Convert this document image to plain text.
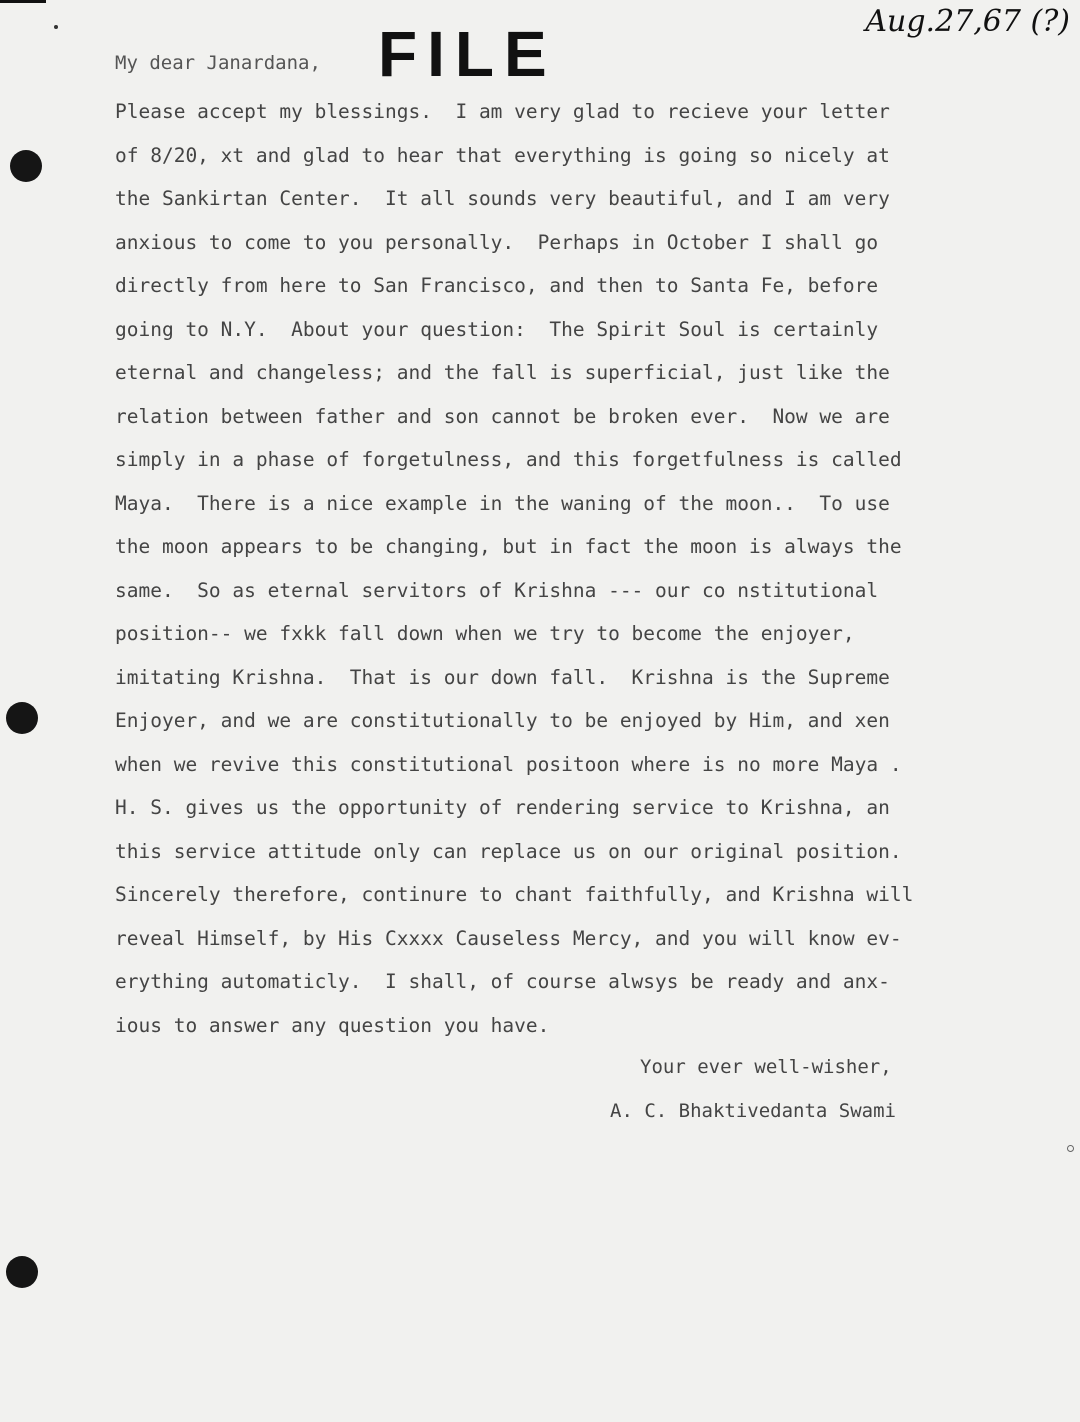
Aug.27,67 (?)
FILE
My dear Janardana,
Please accept my blessings.  I am very glad to recieve your letter
of 8/20, xt and glad to hear that everything is going so nicely at
the Sankirtan Center.  It all sounds very beautiful, and I am very
anxious to come to you personally.  Perhaps in October I shall go
directly from here to San Francisco, and then to Santa Fe, before
going to N.Y.  About your question:  The Spirit Soul is certainly
eternal and changeless; and the fall is superficial, just like the
relation between father and son cannot be broken ever.  Now we are
simply in a phase of forgetulness, and this forgetfulness is called
Maya.  There is a nice example in the waning of the moon..  To use
the moon appears to be changing, but in fact the moon is always the
same.  So as eternal servitors of Krishna --- our co nstitutional
position-- we fxkk fall down when we try to become the enjoyer,
imitating Krishna.  That is our down fall.  Krishna is the Supreme
Enjoyer, and we are constitutionally to be enjoyed by Him, and xen
when we revive this constitutional positoon where is no more Maya .
H. S. gives us the opportunity of rendering service to Krishna, an
this service attitude only can replace us on our original position.
Sincerely therefore, continure to chant faithfully, and Krishna will
reveal Himself, by His Cxxxx Causeless Mercy, and you will know ev-
erything automaticly.  I shall, of course alwsys be ready and anx-
ious to answer any question you have.
Your ever well-wisher,
A. C. Bhaktivedanta Swami
